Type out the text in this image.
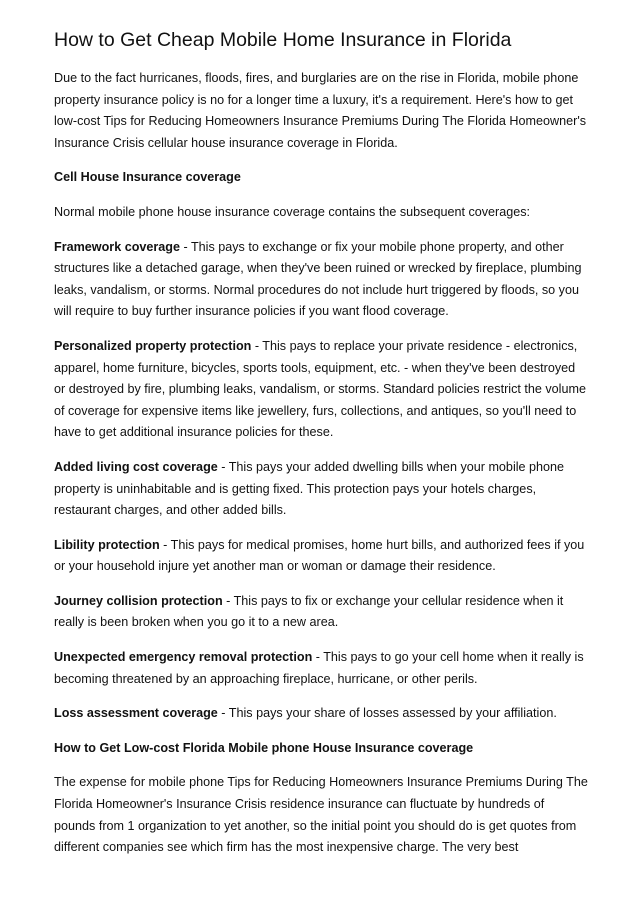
How to Get Cheap Mobile Home Insurance in Florida

Due to the fact hurricanes, floods, fires, and burglaries are on the rise in Florida, mobile phone property insurance policy is no for a longer time a luxury, it's a requirement. Here's how to get low-cost Tips for Reducing Homeowners Insurance Premiums During The Florida Homeowner's Insurance Crisis cellular house insurance coverage in Florida.

Cell House Insurance coverage

Normal mobile phone house insurance coverage contains the subsequent coverages:

Framework coverage - This pays to exchange or fix your mobile phone property, and other structures like a detached garage, when they've been ruined or wrecked by fireplace, plumbing leaks, vandalism, or storms. Normal procedures do not include hurt triggered by floods, so you will require to buy further insurance policies if you want flood coverage.

Personalized property protection - This pays to replace your private residence - electronics, apparel, home furniture, bicycles, sports tools, equipment, etc. - when they've been destroyed or destroyed by fire, plumbing leaks, vandalism, or storms. Standard policies restrict the volume of coverage for expensive items like jewellery, furs, collections, and antiques, so you'll need to have to get additional insurance policies for these.

Added living cost coverage - This pays your added dwelling bills when your mobile phone property is uninhabitable and is getting fixed. This protection pays your hotels charges, restaurant charges, and other added bills.

Libility protection - This pays for medical promises, home hurt bills, and authorized fees if you or your household injure yet another man or woman or damage their residence.

Journey collision protection - This pays to fix or exchange your cellular residence when it really is been broken when you go it to a new area.

Unexpected emergency removal protection - This pays to go your cell home when it really is becoming threatened by an approaching fireplace, hurricane, or other perils.

Loss assessment coverage - This pays your share of losses assessed by your affiliation.

How to Get Low-cost Florida Mobile phone House Insurance coverage

The expense for mobile phone Tips for Reducing Homeowners Insurance Premiums During The Florida Homeowner's Insurance Crisis residence insurance can fluctuate by hundreds of pounds from 1 organization to yet another, so the initial point you should do is get quotes from different companies see which firm has the most inexpensive charge. The very best
